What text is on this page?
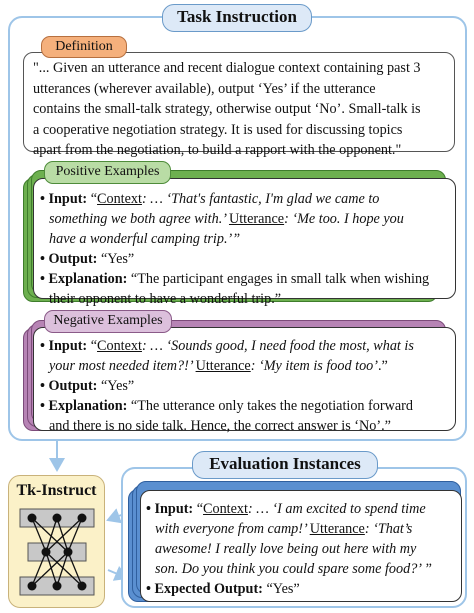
Task Instruction
Definition
"... Given an utterance and recent dialogue context containing past 3
utterances (wherever available), output ‘Yes’ if the utterance
contains the small-talk strategy, otherwise output ‘No’. Small-talk is
a cooperative negotiation strategy. It is used for discussing topics
apart from the negotiation, to build a rapport with the opponent."
Positive Examples
• Input: “Context: … ‘That's fantastic, I'm glad we came to
something we both agree with.’ Utterance: ‘Me too. I hope you
have a wonderful camping trip.’”
• Output: “Yes”
• Explanation: “The participant engages in small talk when wishing
their opponent to have a wonderful trip.”
Negative Examples
• Input: “Context: … ‘Sounds good, I need food the most, what is
your most needed item?!’ Utterance: ‘My item is food too’.”
• Output: “Yes”
• Explanation: “The utterance only takes the negotiation forward
and there is no side talk. Hence, the correct answer is ‘No’.”
Evaluation Instances
• Input: “Context: … ‘I am excited to spend time
with everyone from camp!’ Utterance: ‘That’s
awesome! I really love being out here with my
son. Do you think you could spare some food?’ ”
• Expected Output: “Yes”
Tk-Instruct
